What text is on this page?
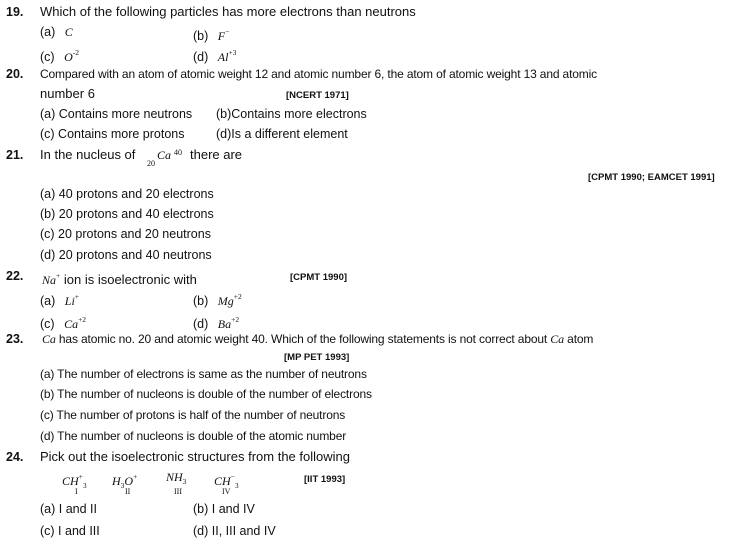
19. Which of the following particles has more electrons than neutrons
(a) C	(b) F−
(c) $O^{-2}$	(d) $Al^{+3}$
20. Compared with an atom of atomic weight 12 and atomic number 6, the atom of atomic weight 13 and atomic
number 6	[NCERT 1971]
(a) Contains more neutrons (b)Contains more electrons
(c) Contains more protons	(d)Is a different element
21. In the nucleus of
20
Ca 40 there are
[CPMT 1990; EAMCET 1991]
(a) 40 protons and 20 electrons
(b) 20 protons and 40 electrons
(c) 20 protons and 20 neutrons
(d) 20 protons and 40 neutrons
22. Na+ ion is isoelectronic with	[CPMT 1990]
(a) Li+	(b) $Mg^{+2}$
(c) $Ca^{+2}$	(d) $Ba^{+2}$
23. Ca has atomic no. 20 and atomic weight 40. Which of the following statements is not correct about Ca atom
[MP PET 1993]
(a) The number of electrons is same as the number of neutrons
(b) The number of nucleons is double of the number of electrons
(c) The number of protons is half of the number of neutrons
(d) The number of nucleons is double of the atomic number
24. Pick out the isoelectronic structures from the following
$CH^+_3$
I
$H_3O^+$
II
$NH_3$
III
$CH^-_3$
IV
[IIT 1993]
(a) I and II	(b) I and IV
(c) I and III	(d) II, III and IV
